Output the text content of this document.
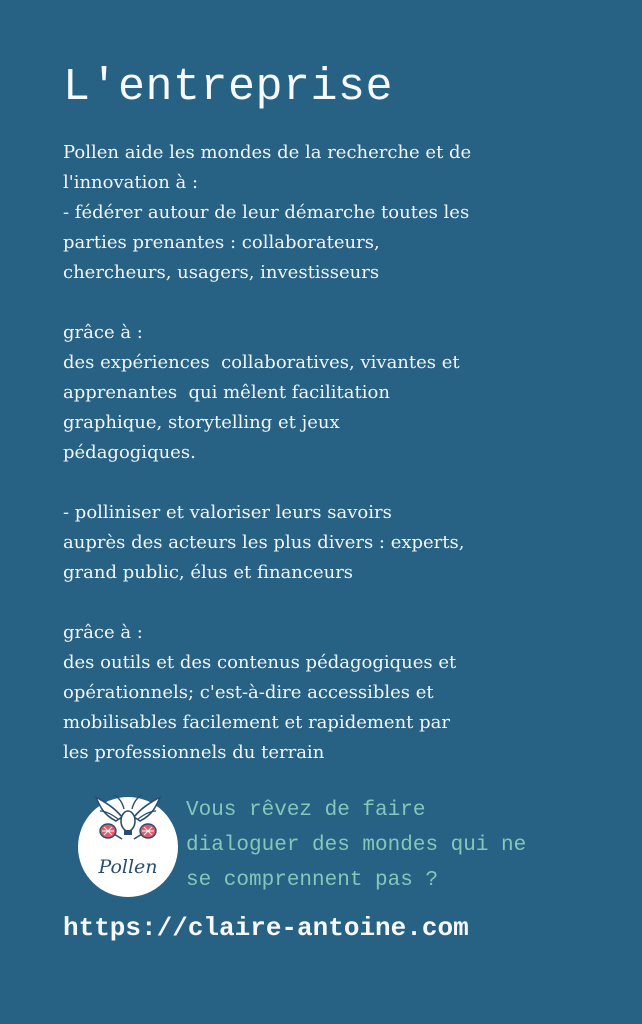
L'entreprise
Pollen aide les mondes de la recherche et de
l'innovation à :
- fédérer autour de leur démarche toutes les
parties prenantes : collaborateurs,
chercheurs, usagers, investisseurs
grâce à :
des expériences  collaboratives, vivantes et
apprenantes  qui mêlent facilitation
graphique, storytelling et jeux
pédagogiques.
- polliniser et valoriser leurs savoirs
auprès des acteurs les plus divers : experts,
grand public, élus et financeurs
grâce à :
des outils et des contenus pédagogiques et
opérationnels; c'est-à-dire accessibles et
mobilisables facilement et rapidement par
les professionnels du terrain
Pollen
Vous rêvez de faire
dialoguer des mondes qui ne
se comprennent pas ?
https://claire-antoine.com
